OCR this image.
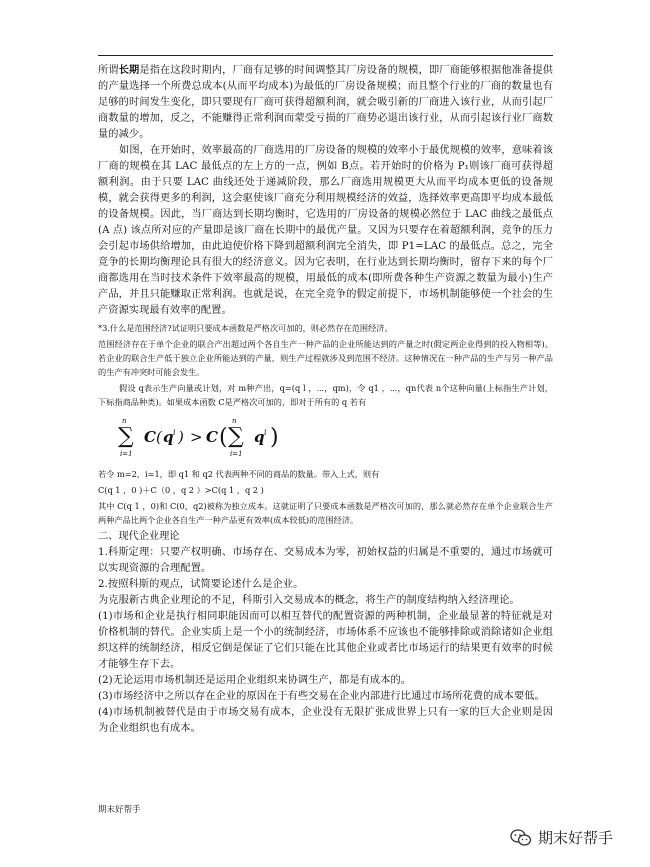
所谓长期是指在这段时期内，厂商有足够的时间调整其厂房设备的规模，即厂商能够根据他准备提供的产量选择一个所费总成本(从而平均成本)为最低的厂房设备规模；而且整个行业的厂商的数量也有足够的时间发生变化，即只要现有厂商可获得超额利润，就会吸引新的厂商进入该行业，从而引起厂商数量的增加，反之，不能赚得正常利润而蒙受亏损的厂商势必退出该行业，从而引起该行业厂商数量的减少。

如图，在开始时，效率最高的厂商选用的厂房设备的规模的效率小于最优规模的效率，意味着该厂商的规模在其 LAC 最低点的左上方的一点，例如 B点。若开始时的价格为 P₁则该厂商可获得超额利润。由于只要 LAC 曲线还处于递减阶段，那么厂商选用规模更大从而平均成本更低的设备规模，就会获得更多的利润，这会驱使该厂商充分利用规模经济的效益，选择效率更高即平均成本最低的设备规模。因此，当厂商达到长期均衡时，它选用的厂房设备的规模必然位于 LAC 曲线之最低点(A 点) 该点所对应的产量即是该厂商在长期中的最优产量。又因为只要存在着超额利润，竞争的压力会引起市场供给增加，由此迫使价格下降到超额利润完全消失，即 P1=LAC 的最低点。总之，完全竞争的长期均衡理论具有很大的经济意义。因为它表明，在行业达到长期均衡时，留存下来的每个厂商都选用在当时技术条件下效率最高的规模，用最低的成本(即所费各种生产资源之数量为最小)生产产品，并且只能赚取正常利润。也就是说，在完全竞争的假定前提下，市场机制能够使一个社会的生产资源实现最有效率的配置。

*3.什么是范围经济?试证明只要成本函数是严格次可加的，则必然存在范围经济。

范围经济存在于单个企业的联合产出超过两个各自生产一种产品的企业所能达到的产量之时(假定两企业得到的投入物相等)。若企业的联合生产低于独立企业所能达到的产量，则生产过程就涉及到范围不经济。这种情况在一种产品的生产与另一种产品的生产有冲突时可能会发生。

假设 q表示生产向量或计划，对 m种产出，q=(q l ，⋯，qm)，令 q1 ，⋯，qn代表 n个这种向量(上标指生产计划，下标指商品种类)。如果成本函数 C是严格次可加的，即对于所有的 q 若有

n
∑
i=1
C ( q i ) > C (
n
∑
i=1
q i )

若令 m=2，i=1，即 q1 和 q2 代表两种不同的商品的数量。带入上式，则有

C(q 1 ，0 )＋C（0 ，q 2 ）>C(q 1 ，q 2 )

其中 C(q 1 ，0)和 C(0，q2)被称为独立成本。这就证明了只要成本函数是严格次可加的，那么就必然存在单个企业联合生产两种产品比两个企业各自生产一种产品更有效率(成本较低)的范围经济。

二、现代企业理论

1.科斯定理：只要产权明确、市场存在、交易成本为零，初始权益的归属是不重要的，通过市场就可以实现资源的合理配置。

2.按照科斯的观点，试简要论述什么是企业。

为克服新古典企业理论的不足，科斯引入交易成本的概念，将生产的制度结构纳入经济理论。

(1)市场和企业是执行相同职能因而可以相互替代的配置资源的两种机制，企业最显著的特征就是对价格机制的替代。企业实质上是一个小的统制经济，市场体系不应该也不能够排除或消除诸如企业组织这样的统制经济，相反它倒是保证了它们只能在比其他企业或者比市场运行的结果更有效率的时候才能够生存下去。

(2)无论运用市场机制还是运用企业组织来协调生产，都是有成本的。

(3)市场经济中之所以存在企业的原因在于有些交易在企业内部进行比通过市场所花费的成本要低。

(4)市场机制被替代是由于市场交易有成本，企业没有无限扩张成世界上只有一家的巨大企业则是因为企业组织也有成本。

期末好帮手
期末好帮手
